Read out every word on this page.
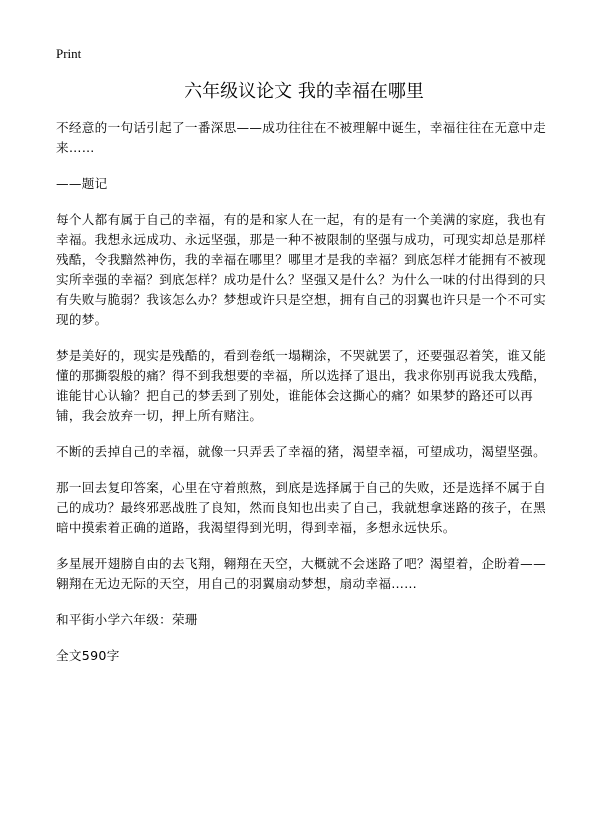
Print
六年级议论文 我的幸福在哪里

不经意的一句话引起了一番深思——成功往往在不被理解中诞生，幸福往往在无意中走来……

——题记

每个人都有属于自己的幸福，有的是和家人在一起，有的是有一个美满的家庭，我也有幸福。我想永远成功、永远坚强，那是一种不被限制的坚强与成功，可现实却总是那样残酷，令我黯然神伤，我的幸福在哪里？哪里才是我的幸福？到底怎样才能拥有不被现实所幸强的幸福？到底怎样？成功是什么？坚强又是什么？为什么一味的付出得到的只有失败与脆弱？我该怎么办？梦想或许只是空想，拥有自己的羽翼也许只是一个不可实现的梦。

梦是美好的，现实是残酷的，看到卷纸一塌糊涂，不哭就罢了，还要强忍着笑，谁又能懂的那撕裂般的痛？得不到我想要的幸福，所以选择了退出，我求你别再说我太残酷，谁能甘心认输？把自己的梦丢到了别处，谁能体会这撕心的痛？如果梦的路还可以再铺，我会放弃一切，押上所有赌注。

不断的丢掉自己的幸福，就像一只弄丢了幸福的猪，渴望幸福，可望成功，渴望坚强。

那一回去复印答案，心里在守着煎熬，到底是选择属于自己的失败，还是选择不属于自己的成功？最终邪恶战胜了良知，然而良知也出卖了自己，我就想拿迷路的孩子，在黑暗中摸索着正确的道路，我渴望得到光明，得到幸福，多想永远快乐。

多星展开翅膀自由的去飞翔，翱翔在天空，大概就不会迷路了吧？渴望着，企盼着——翱翔在无边无际的天空，用自己的羽翼扇动梦想，扇动幸福……

和平街小学六年级：荣珊

全文590字
